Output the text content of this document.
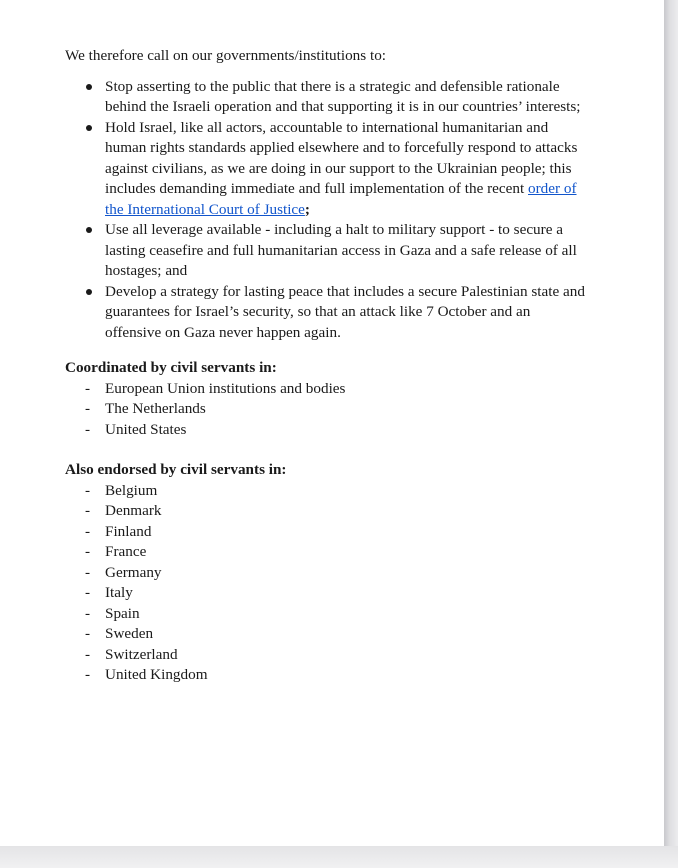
We therefore call on our governments/institutions to:

Stop asserting to the public that there is a strategic and defensible rationale behind the Israeli operation and that supporting it is in our countries’ interests;
Hold Israel, like all actors, accountable to international humanitarian and human rights standards applied elsewhere and to forcefully respond to attacks against civilians, as we are doing in our support to the Ukrainian people; this includes demanding immediate and full implementation of the recent order of the International Court of Justice;
Use all leverage available - including a halt to military support - to secure a lasting ceasefire and full humanitarian access in Gaza and a safe release of all hostages; and
Develop a strategy for lasting peace that includes a secure Palestinian state and guarantees for Israel’s security, so that an attack like 7 October and an offensive on Gaza never happen again.

Coordinated by civil servants in:

- European Union institutions and bodies
- The Netherlands
- United States

Also endorsed by civil servants in:

- Belgium
- Denmark
- Finland
- France
- Germany
- Italy
- Spain
- Sweden
- Switzerland
- United Kingdom
